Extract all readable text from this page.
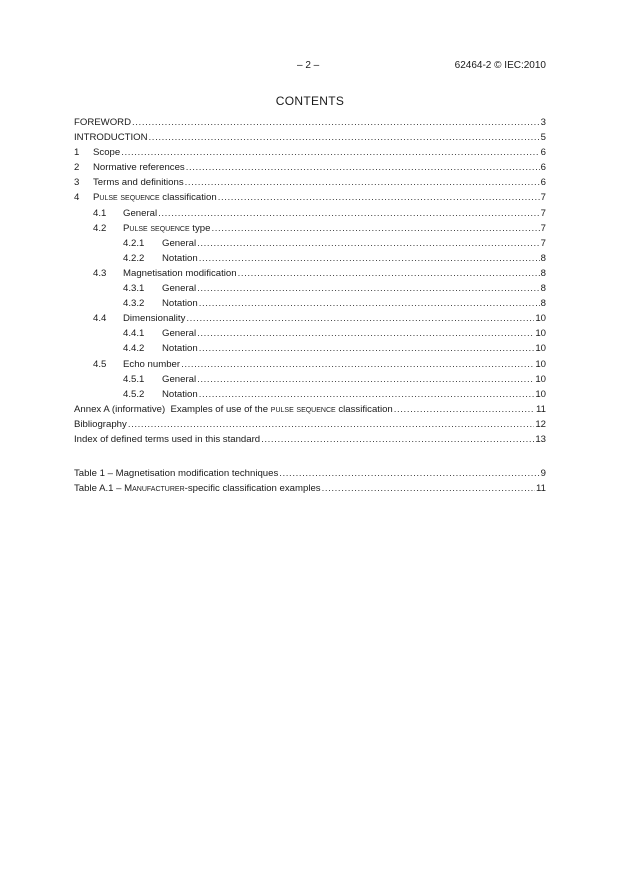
– 2 –	62464-2 © IEC:2010
CONTENTS
FOREWORD .....	3
INTRODUCTION .....	5
1	Scope .....	6
2	Normative references .....	6
3	Terms and definitions .....	6
4	Pulse sequence classification .....	7
4.1	General .....	7
4.2	Pulse sequence type .....	7
4.2.1	General .....	7
4.2.2	Notation .....	8
4.3	Magnetisation modification .....	8
4.3.1	General .....	8
4.3.2	Notation .....	8
4.4	Dimensionality .....	10
4.4.1	General .....	10
4.4.2	Notation .....	10
4.5	Echo number .....	10
4.5.1	General .....	10
4.5.2	Notation .....	10
Annex A (informative)  Examples of use of the pulse sequence classification .....	11
Bibliography .....	12
Index of defined terms used in this standard .....	13
Table 1 – Magnetisation modification techniques .....	9
Table A.1 – Manufacturer-specific classification examples .....	11
